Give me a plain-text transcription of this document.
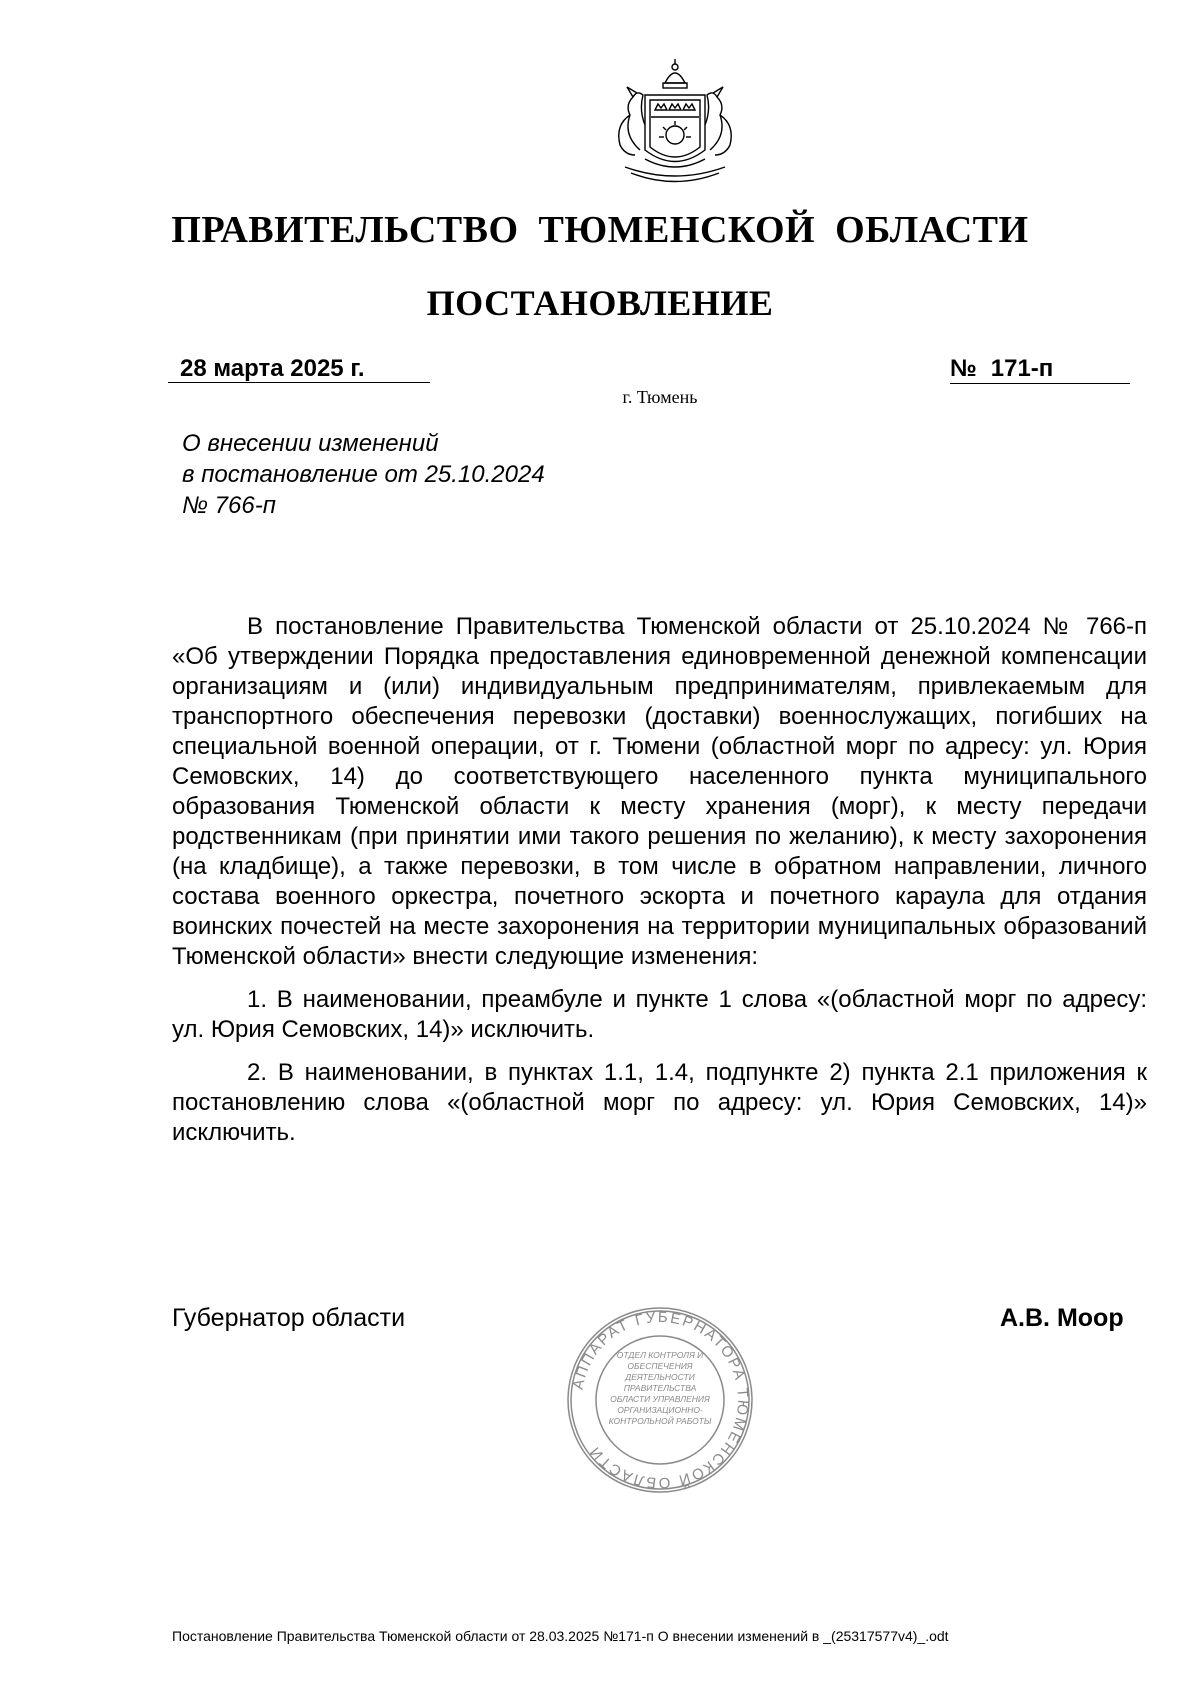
ПРАВИТЕЛЬСТВО ТЮМЕНСКОЙ ОБЛАСТИ
ПОСТАНОВЛЕНИЕ
28 марта 2025 г.	№ 171-п
г. Тюмень
О внесении изменений
в постановление от 25.10.2024
№ 766-п

В постановление Правительства Тюменской области от 25.10.2024 № 766-п «Об утверждении Порядка предоставления единовременной денежной компенсации организациям и (или) индивидуальным предпринимателям, привлекаемым для транспортного обеспечения перевозки (доставки) военнослужащих, погибших на специальной военной операции, от г. Тюмени (областной морг по адресу: ул. Юрия Семовских, 14) до соответствующего населенного пункта муниципального образования Тюменской области к месту хранения (морг), к месту передачи родственникам (при принятии ими такого решения по желанию), к месту захоронения (на кладбище), а также перевозки, в том числе в обратном направлении, личного состава военного оркестра, почетного эскорта и почетного караула для отдания воинских почестей на месте захоронения на территории муниципальных образований Тюменской области» внести следующие изменения:

1. В наименовании, преамбуле и пункте 1 слова «(областной морг по адресу: ул. Юрия Семовских, 14)» исключить.

2. В наименовании, в пунктах 1.1, 1.4, подпункте 2) пункта 2.1 приложения к постановлению слова «(областной морг по адресу: ул. Юрия Семовских, 14)» исключить.

Губернатор области	А.В. Моор
АППАРАТ ГУБЕРНАТОРА ТЮМЕНСКОЙ ОБЛАСТИ
ОТДЕЛ КОНТРОЛЯ И ОБЕСПЕЧЕНИЯ ДЕЯТЕЛЬНОСТИ ПРАВИТЕЛЬСТВА ОБЛАСТИ УПРАВЛЕНИЯ ОРГАНИЗАЦИОННО-КОНТРОЛЬНОЙ РАБОТЫ
Постановление Правительства Тюменской области от 28.03.2025 №171-п О внесении изменений в _(25317577v4)_.odt
